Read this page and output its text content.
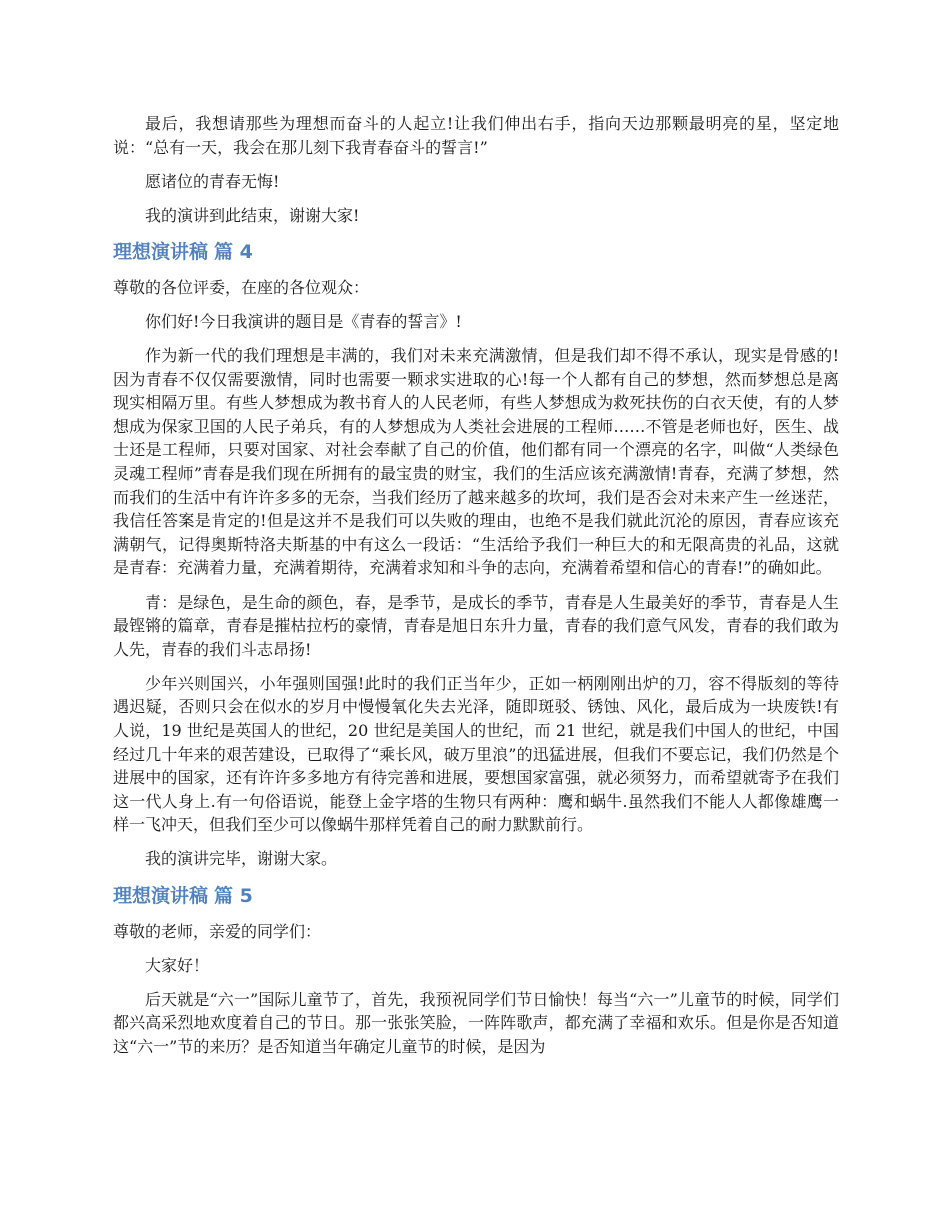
最后，我想请那些为理想而奋斗的人起立!让我们伸出右手，指向天边那颗最明亮的星，坚定地说：“总有一天，我会在那儿刻下我青春奋斗的誓言!”

愿诸位的青春无悔!

我的演讲到此结束，谢谢大家!

理想演讲稿 篇 4

尊敬的各位评委，在座的各位观众：

你们好!今日我演讲的题目是《青春的誓言》!

作为新一代的我们理想是丰满的，我们对未来充满激情，但是我们却不得不承认，现实是骨感的!因为青春不仅仅需要激情，同时也需要一颗求实进取的心!每一个人都有自己的梦想，然而梦想总是离现实相隔万里。有些人梦想成为教书育人的人民老师，有些人梦想成为救死扶伤的白衣天使，有的人梦想成为保家卫国的人民子弟兵，有的人梦想成为人类社会进展的工程师……不管是老师也好，医生、战士还是工程师，只要对国家、对社会奉献了自己的价值，他们都有同一个漂亮的名字，叫做“人类绿色灵魂工程师”青春是我们现在所拥有的最宝贵的财宝，我们的生活应该充满激情!青春，充满了梦想，然而我们的生活中有许许多多的无奈，当我们经历了越来越多的坎坷，我们是否会对未来产生一丝迷茫，我信任答案是肯定的!但是这并不是我们可以失败的理由，也绝不是我们就此沉沦的原因，青春应该充满朝气，记得奥斯特洛夫斯基的中有这么一段话：“生活给予我们一种巨大的和无限高贵的礼品，这就是青春：充满着力量，充满着期待，充满着求知和斗争的志向，充满着希望和信心的青春!”的确如此。

青：是绿色，是生命的颜色，春，是季节，是成长的季节，青春是人生最美好的季节，青春是人生最铿锵的篇章，青春是摧枯拉朽的豪情，青春是旭日东升力量，青春的我们意气风发，青春的我们敢为人先，青春的我们斗志昂扬!

少年兴则国兴，小年强则国强!此时的我们正当年少，正如一柄刚刚出炉的刀，容不得版刻的等待遇迟疑，否则只会在似水的岁月中慢慢氧化失去光泽，随即斑驳、锈蚀、风化，最后成为一块废铁!有人说，19 世纪是英国人的世纪，20 世纪是美国人的世纪，而 21 世纪，就是我们中国人的世纪，中国经过几十年来的艰苦建设，已取得了“乘长风，破万里浪”的迅猛进展，但我们不要忘记，我们仍然是个进展中的国家，还有许许多多地方有待完善和进展，要想国家富强，就必须努力，而希望就寄予在我们这一代人身上.有一句俗语说，能登上金字塔的生物只有两种：鹰和蜗牛.虽然我们不能人人都像雄鹰一样一飞冲天，但我们至少可以像蜗牛那样凭着自己的耐力默默前行。

我的演讲完毕，谢谢大家。

理想演讲稿 篇 5

尊敬的老师，亲爱的同学们：

大家好！

后天就是“六一”国际儿童节了，首先，我预祝同学们节日愉快！每当“六一”儿童节的时候，同学们都兴高采烈地欢度着自己的节日。那一张张笑脸，一阵阵歌声，都充满了幸福和欢乐。但是你是否知道这“六一”节的来历？是否知道当年确定儿童节的时候，是因为
